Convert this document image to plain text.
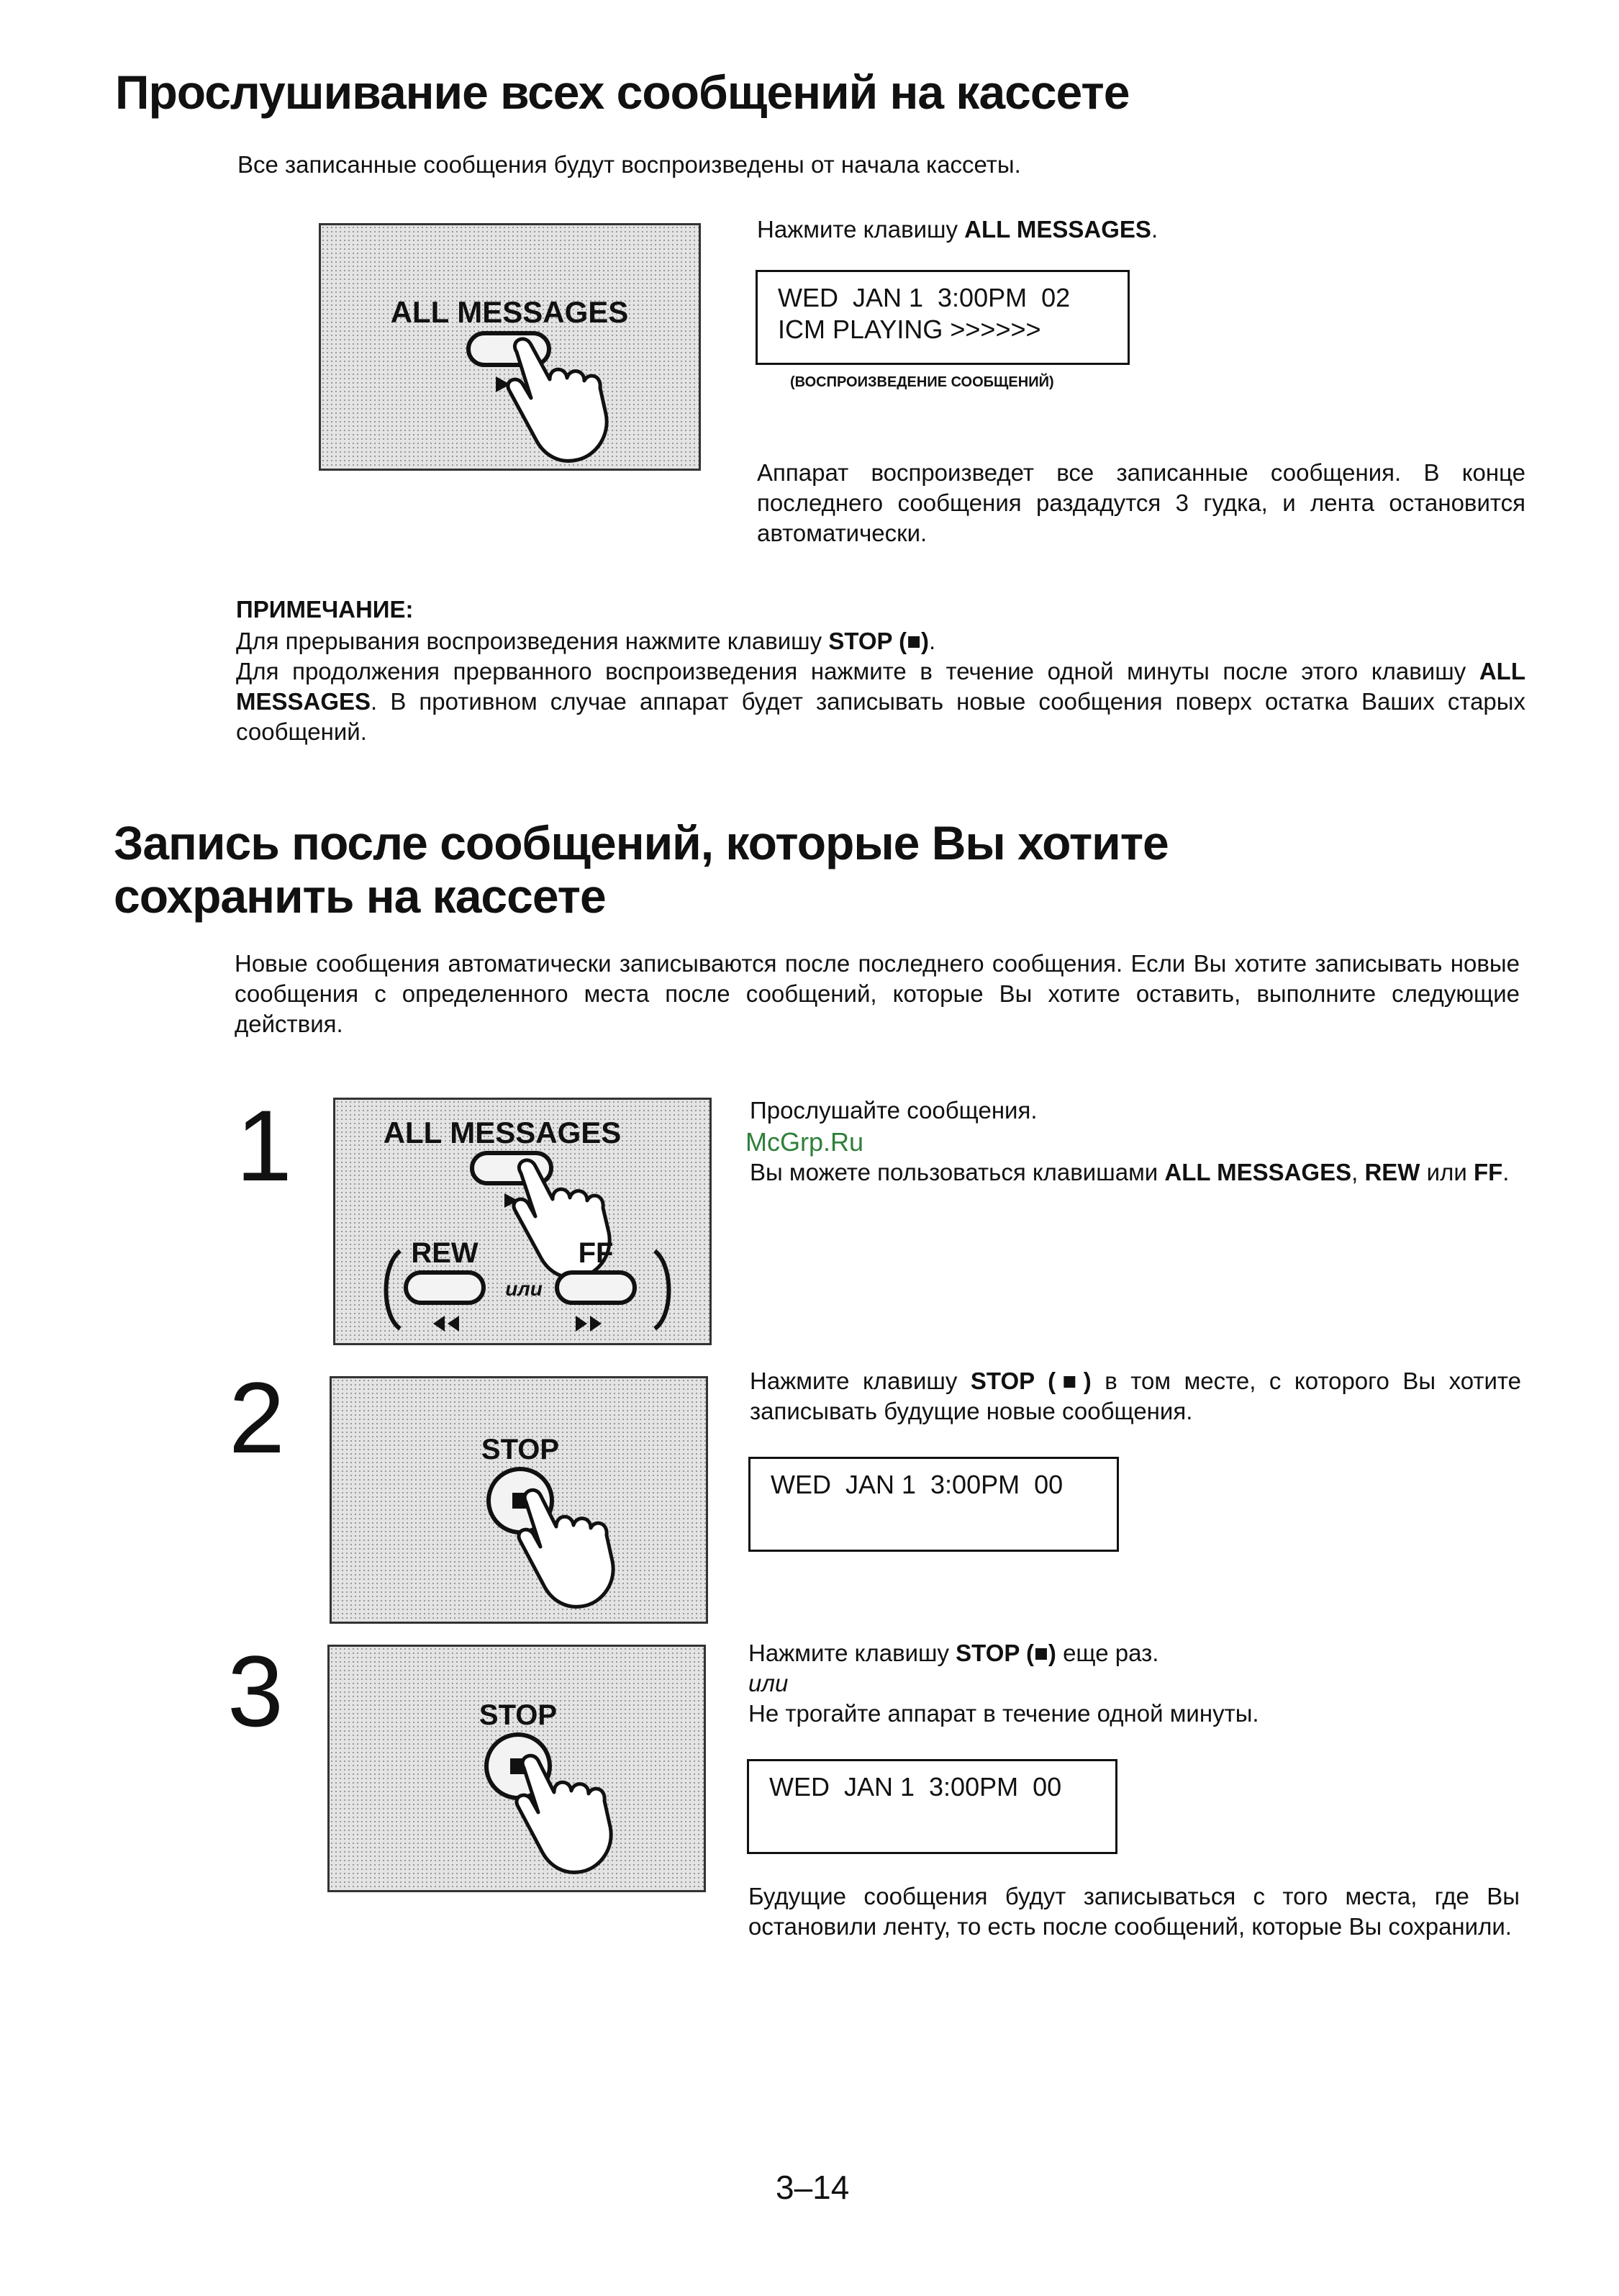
Прослушивание всех сообщений на кассете
Все записанные сообщения будут воспроизведены от начала кассеты.
ALL MESSAGES
Нажмите клавишу ALL MESSAGES.
WED  JAN 1  3:00PM  02
ICM PLAYING >>>>>>
(ВОСПРОИЗВЕДЕНИЕ СООБЩЕНИЙ)
Аппарат воспроизведет все записанные сообщения. В конце последнего сообщения раздадутся 3 гудка, и лента остановится автоматически.
ПРИМЕЧАНИЕ:
Для прерывания воспроизведения нажмите клавишу STOP (■).
Для продолжения прерванного воспроизведения нажмите в течение одной минуты после этого клавишу ALL MESSAGES. В противном случае аппарат будет записывать новые сообщения поверх остатка Ваших старых сообщений.
Запись после сообщений, которые Вы хотите
сохранить на кассете
Новые сообщения автоматически записываются после последнего сообщения. Если Вы хотите записывать новые сообщения с определенного места после сообщений, которые Вы хотите оставить, выполните следующие действия.
1	ALL MESSAGES
REW
или
FF
Прослушайте сообщения.
McGrp.Ru
Вы можете пользоваться клавишами ALL MESSAGES, REW или FF.
2	STOP
Нажмите клавишу STOP (■) в том месте, с которого Вы хотите записывать будущие новые сообщения.
WED  JAN 1  3:00PM  00
3	STOP
Нажмите клавишу STOP (■) еще раз.
или
Не трогайте аппарат в течение одной минуты.
WED  JAN 1  3:00PM  00
Будущие сообщения будут записываться с того места, где Вы остановили ленту, то есть после сообщений, которые Вы сохранили.
3–14
